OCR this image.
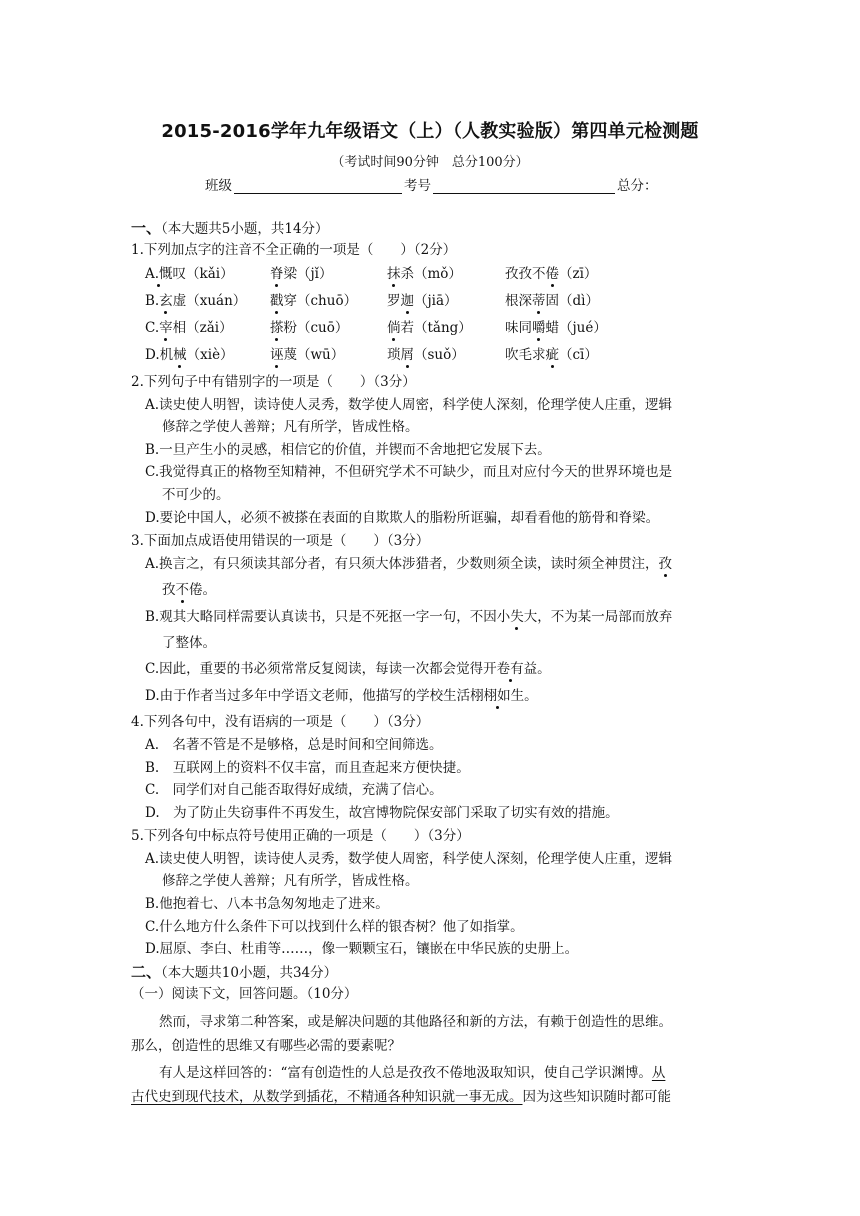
2015-2016学年九年级语文（上）（人教实验版）第四单元检测题
（考试时间90分钟　总分100分）
班级	考号	总分：
一、（本大题共5小题，共14分）
1.下列加点字的注音不全正确的一项是（　　）（2分）
A.慨叹（kǎi）	脊梁（jǐ）	抹杀（mǒ）	孜孜不倦（zī）
B.玄虚（xuán） 戳穿（chuō） 罗迦（jiā）	根深蒂固（dì）
C.宰相（zǎi）	搽粉（cuō）	倘若（tǎng） 味同嚼蜡（jué）
D.机械（xiè）	诬蔑（wū）	琐屑（suǒ）	吹毛求疵（cī）
2.下列句子中有错别字的一项是（　　）（3分）
A.读史使人明智，读诗使人灵秀，数学使人周密，科学使人深刻，伦理学使人庄重，逻辑
修辞之学使人善辩；凡有所学，皆成性格。
B.一旦产生小的灵感，相信它的价值，并锲而不舍地把它发展下去。
C.我觉得真正的格物至知精神，不但研究学术不可缺少，而且对应付今天的世界环境也是
不可少的。
D.要论中国人，必须不被搽在表面的自欺欺人的脂粉所诓骗，却看看他的筋骨和脊梁。
3.下面加点成语使用错误的一项是（　　）（3分）
A.换言之，有只须读其部分者，有只须大体涉猎者，少数则须全读，读时须全神贯注，孜
孜不倦。
B.观其大略同样需要认真读书，只是不死抠一字一句，不因小失大，不为某一局部而放弃
了整体。
C.因此，重要的书必须常常反复阅读，每读一次都会觉得开卷有益。
D.由于作者当过多年中学语文老师，他描写的学校生活栩栩如生。
4.下列各句中，没有语病的一项是（　　）（3分）
A.　名著不管是不是够格，总是时间和空间筛选。
B.　互联网上的资料不仅丰富，而且查起来方便快捷。
C.　同学们对自己能否取得好成绩，充满了信心。
D.　为了防止失窃事件不再发生，故宫博物院保安部门采取了切实有效的措施。
5.下列各句中标点符号使用正确的一项是（　　）（3分）
A.读史使人明智，读诗使人灵秀，数学使人周密，科学使人深刻，伦理学使人庄重，逻辑
修辞之学使人善辩；凡有所学，皆成性格。
B.他抱着七、八本书急匆匆地走了进来。
C.什么地方什么条件下可以找到什么样的银杏树？他了如指掌。
D.屈原、李白、杜甫等……，像一颗颗宝石，镶嵌在中华民族的史册上。
二、（本大题共10小题，共34分）
（一）阅读下文，回答问题。（10分）
然而，寻求第二种答案，或是解决问题的其他路径和新的方法，有赖于创造性的思维。
那么，创造性的思维又有哪些必需的要素呢？
有人是这样回答的：“富有创造性的人总是孜孜不倦地汲取知识，使自己学识渊博。从
古代史到现代技术，从数学到插花，不精通各种知识就一事无成。因为这些知识随时都可能
